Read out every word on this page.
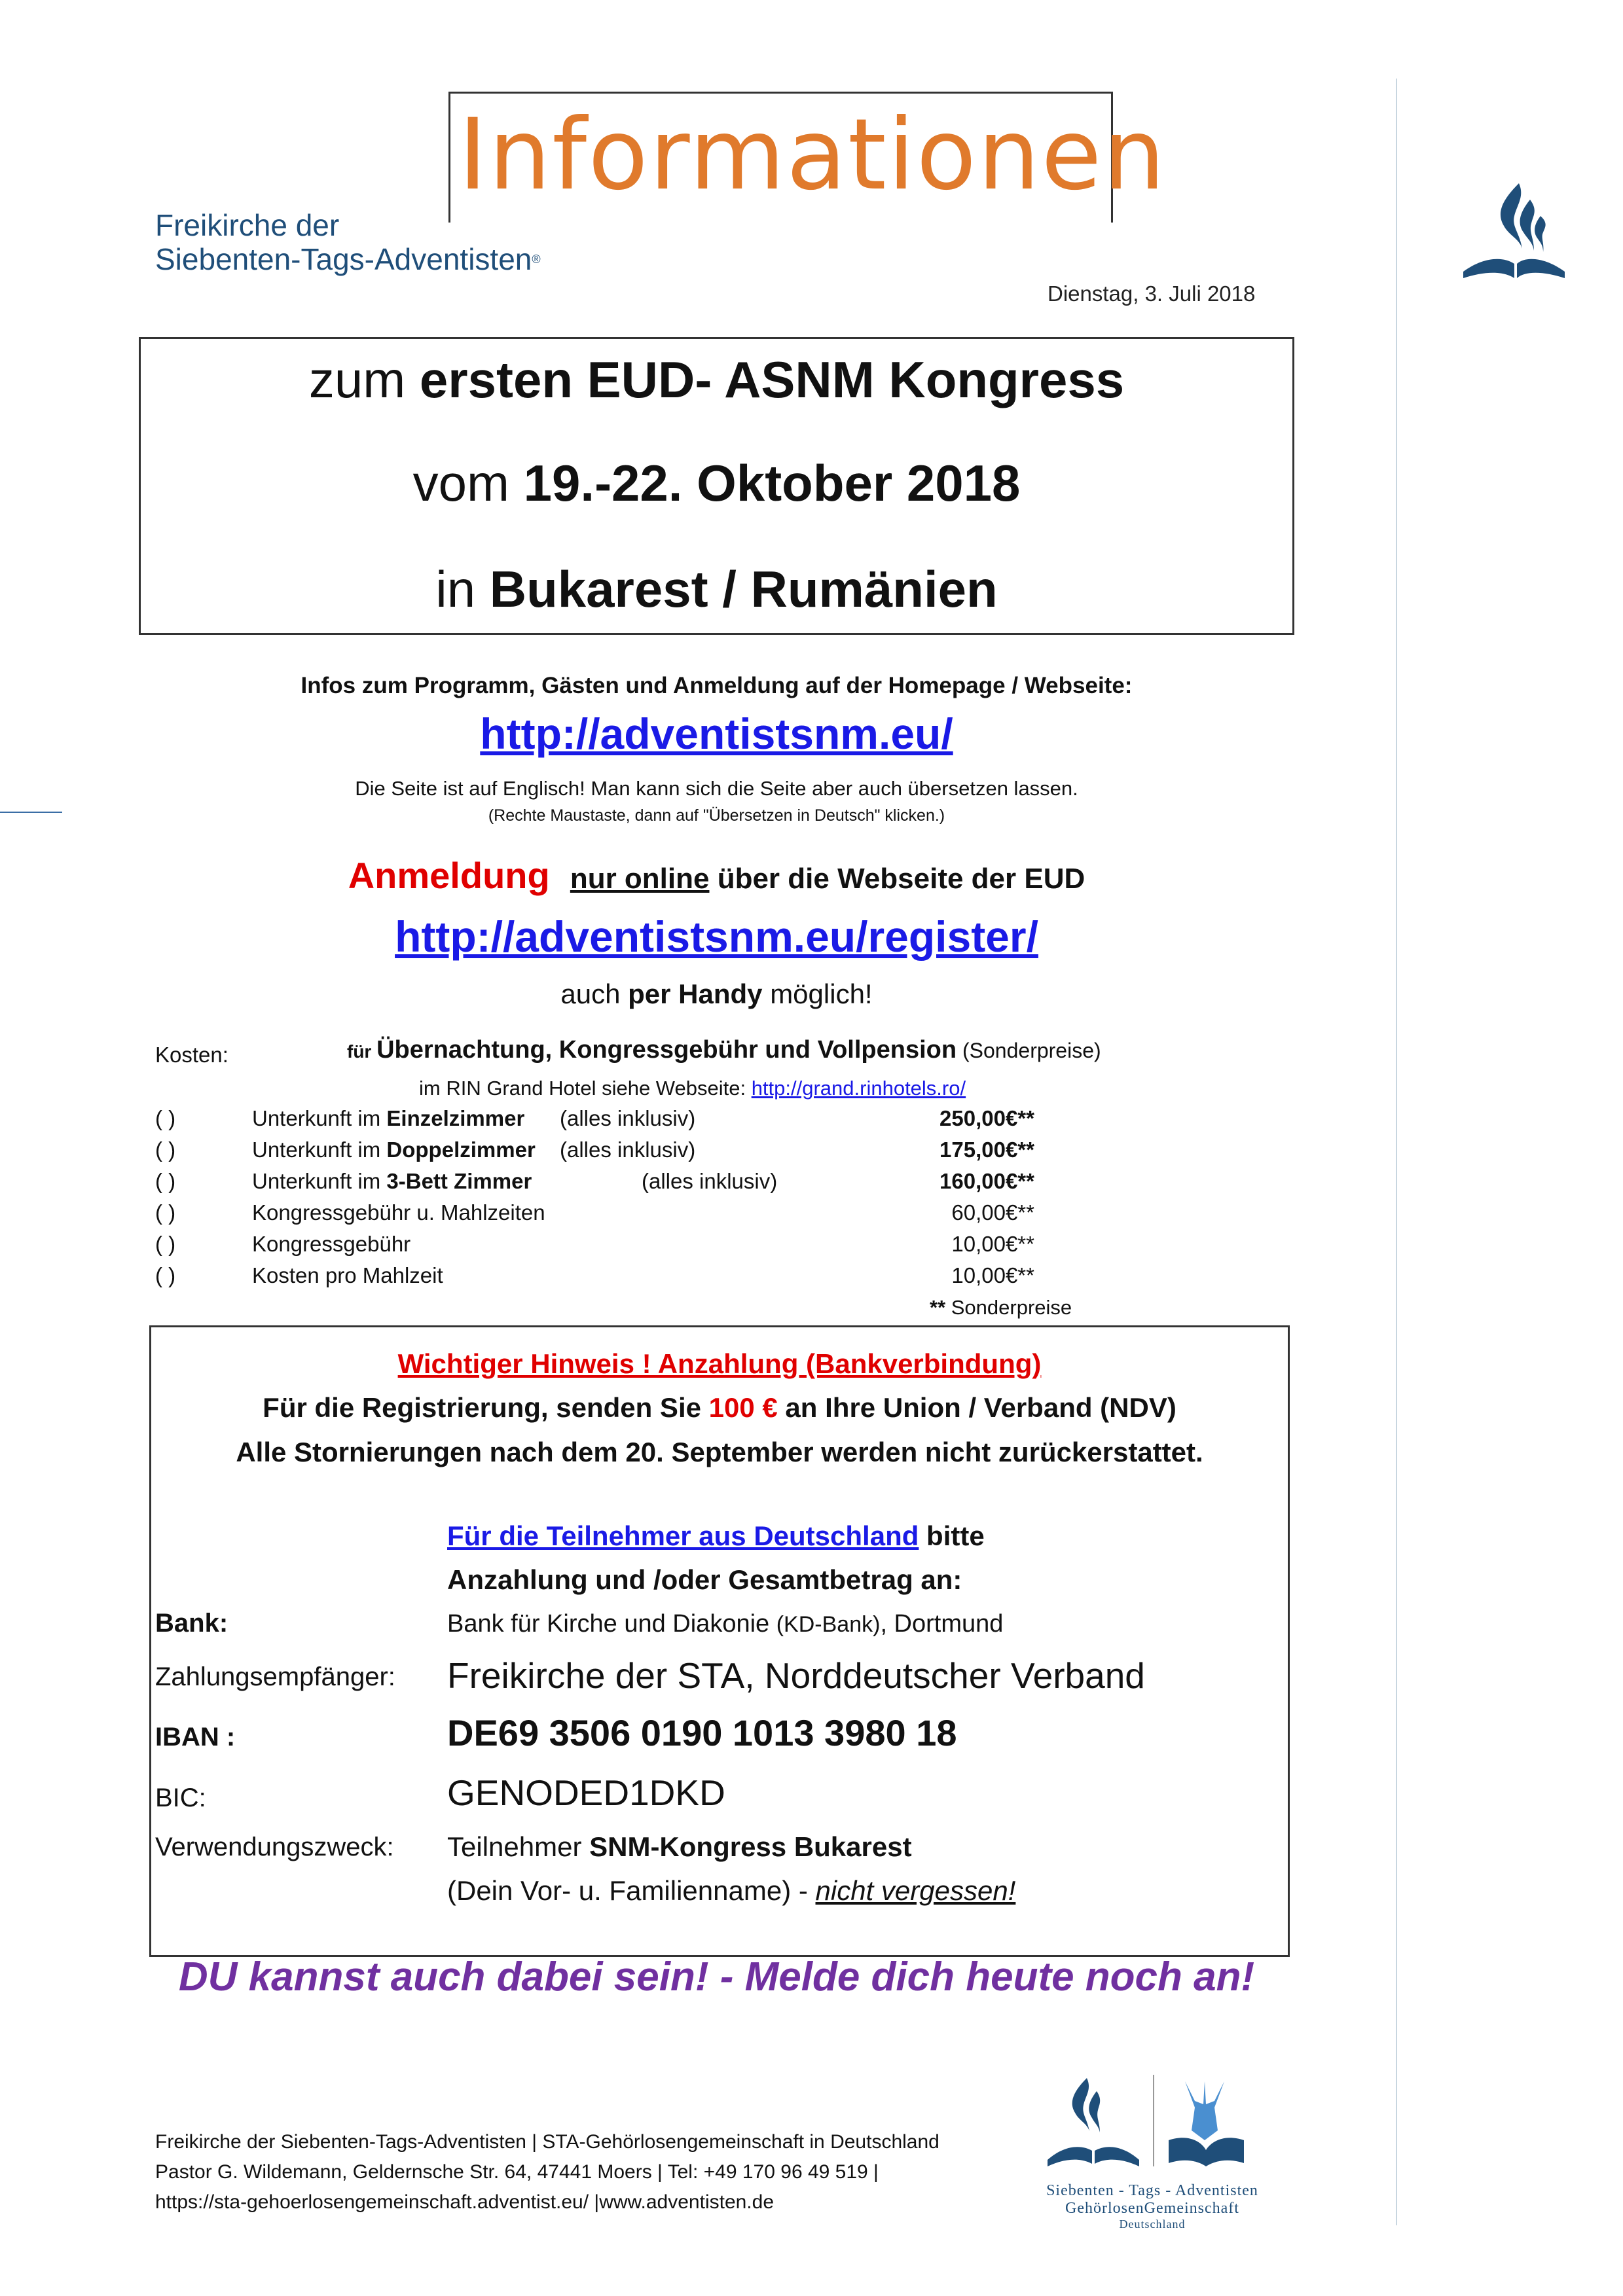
Informationen
Freikirche der
Siebenten-Tags-Adventisten®
Dienstag, 3. Juli 2018
zum ersten EUD- ASNM Kongress
vom 19.-22. Oktober 2018
in Bukarest / Rumänien
Infos zum Programm, Gästen und Anmeldung auf der Homepage / Webseite:
http://adventistsnm.eu/
Die Seite ist auf Englisch! Man kann sich die Seite aber auch übersetzen lassen.
(Rechte Maustaste, dann auf "Übersetzen in Deutsch" klicken.)
Anmeldung nur online über die Webseite der EUD
http://adventistsnm.eu/register/
auch per Handy möglich!
Kosten:	für Übernachtung, Kongressgebühr und Vollpension (Sonderpreise)
im RIN Grand Hotel siehe Webseite: http://grand.rinhotels.ro/
( )	Unterkunft im Einzelzimmer (alles inklusiv)	250,00€**
( )	Unterkunft im Doppelzimmer (alles inklusiv)	175,00€**
( )	Unterkunft im 3-Bett Zimmer	(alles inklusiv)	160,00€**
( )	Kongressgebühr u. Mahlzeiten	60,00€**
( )	Kongressgebühr	10,00€**
( )	Kosten pro Mahlzeit	10,00€**
** Sonderpreise
Wichtiger Hinweis ! Anzahlung (Bankverbindung)
Für die Registrierung, senden Sie 100 € an Ihre Union / Verband (NDV)
Alle Stornierungen nach dem 20. September werden nicht zurückerstattet.
Für die Teilnehmer aus Deutschland bitte
Anzahlung und /oder Gesamtbetrag an:
Bank:	Bank für Kirche und Diakonie (KD-Bank), Dortmund
Zahlungsempfänger: Freikirche der STA, Norddeutscher Verband
IBAN :	DE69 3506 0190 1013 3980 18
BIC:	GENODED1DKD
Verwendungszweck: Teilnehmer SNM-Kongress Bukarest
(Dein Vor- u. Familienname) - nicht vergessen!
DU kannst auch dabei sein! - Melde dich heute noch an!
Freikirche der Siebenten-Tags-Adventisten | STA-Gehörlosengemeinschaft in Deutschland
Pastor G. Wildemann, Geldernsche Str. 64, 47441 Moers | Tel: +49 170 96 49 519 |
https://sta-gehoerlosengemeinschaft.adventist.eu/ |www.adventisten.de
Siebenten - Tags - Adventisten
GehörlosenGemeinschaft
Deutschland
